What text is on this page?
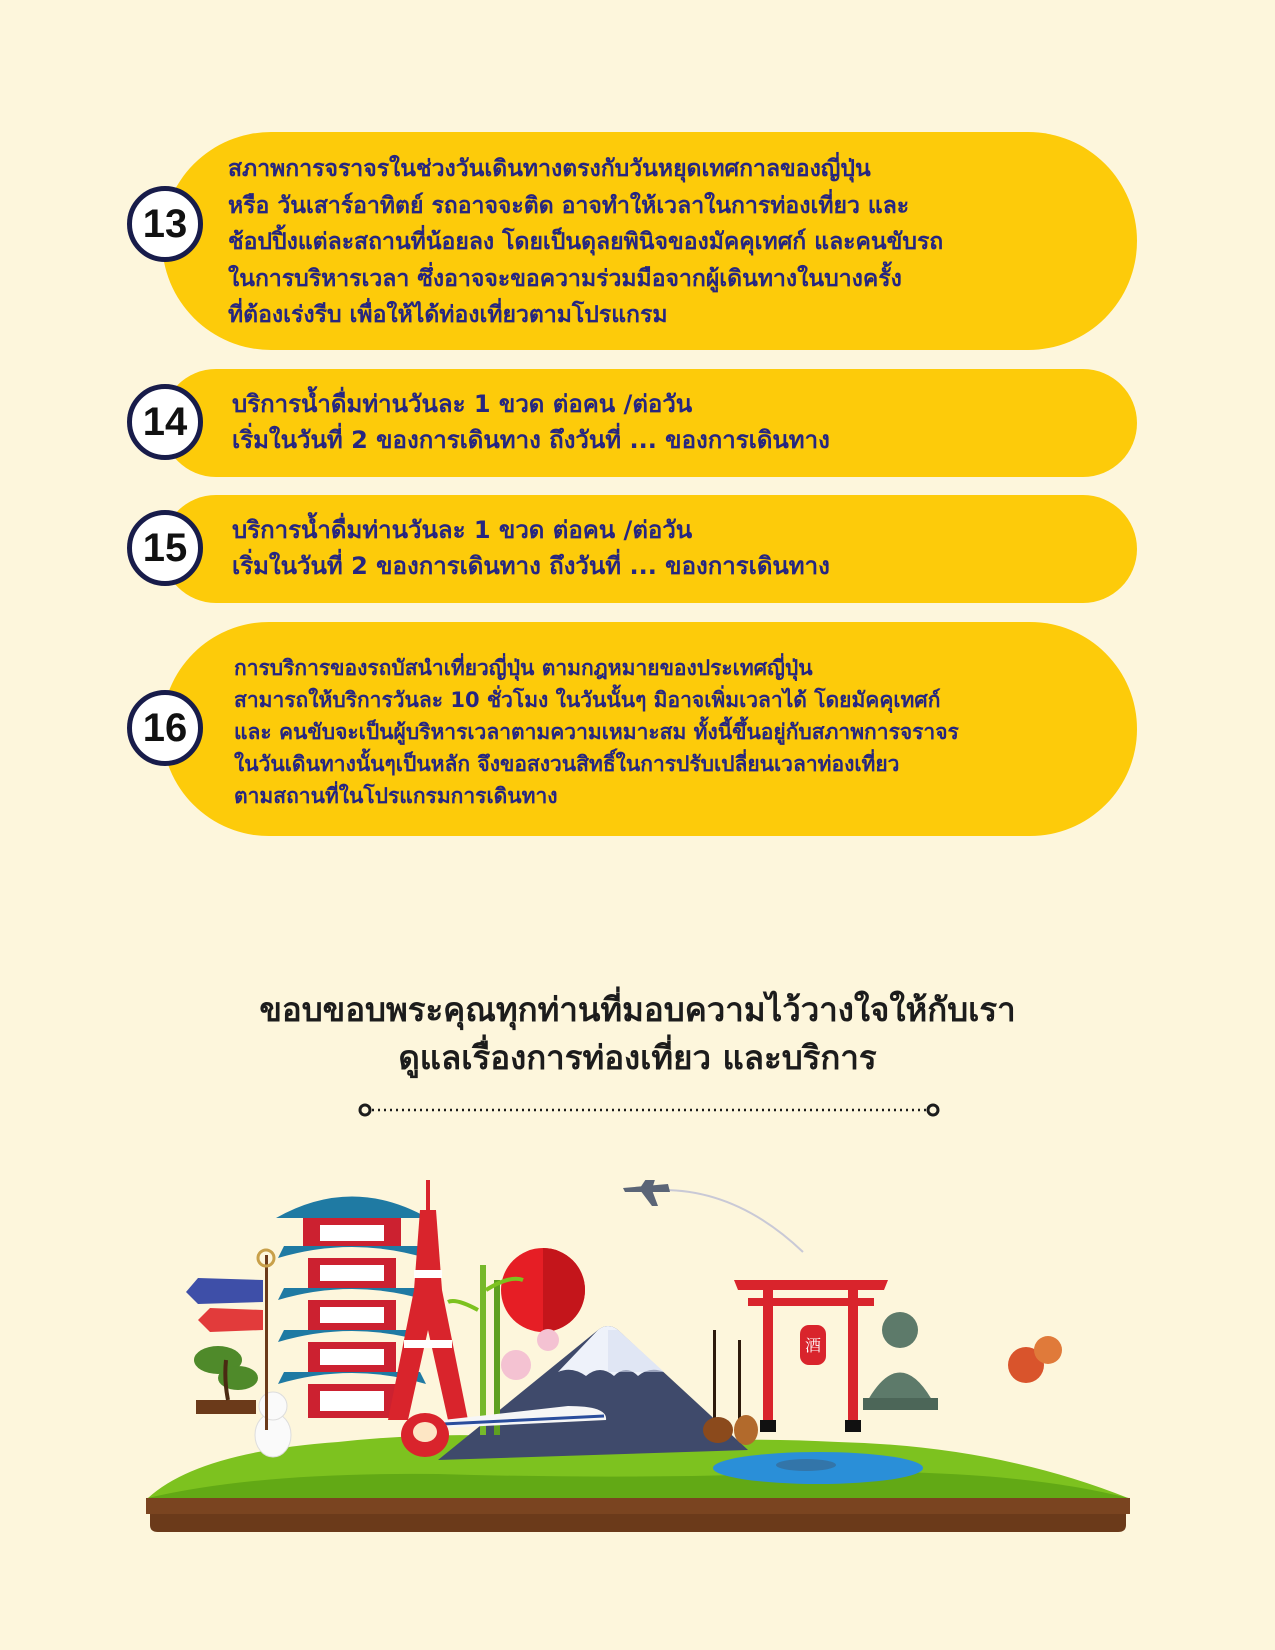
สภาพการจราจรในช่วงวันเดินทางตรงกับวันหยุดเทศกาลของญี่ปุ่น
หรือ วันเสาร์อาทิตย์ รถอาจจะติด อาจทำให้เวลาในการท่องเที่ยว และ
ช้อปปิ้งแต่ละสถานที่น้อยลง โดยเป็นดุลยพินิจของมัคคุเทศก์ และคนขับรถ
ในการบริหารเวลา ซึ่งอาจจะขอความร่วมมือจากผู้เดินทางในบางครั้ง
ที่ต้องเร่งรีบ เพื่อให้ได้ท่องเที่ยวตามโปรแกรม
13
บริการน้ำดื่มท่านวันละ 1 ขวด ต่อคน /ต่อวัน
เริ่มในวันที่ 2 ของการเดินทาง ถึงวันที่ ... ของการเดินทาง
14
บริการน้ำดื่มท่านวันละ 1 ขวด ต่อคน /ต่อวัน
เริ่มในวันที่ 2 ของการเดินทาง ถึงวันที่ ... ของการเดินทาง
15
การบริการของรถบัสนำเที่ยวญี่ปุ่น ตามกฎหมายของประเทศญี่ปุ่น
สามารถให้บริการวันละ 10 ชั่วโมง ในวันนั้นๆ มิอาจเพิ่มเวลาได้ โดยมัคคุเทศก์
และ คนขับจะเป็นผู้บริหารเวลาตามความเหมาะสม ทั้งนี้ขึ้นอยู่กับสภาพการจราจร
ในวันเดินทางนั้นๆเป็นหลัก จึงขอสงวนสิทธิ์ในการปรับเปลี่ยนเวลาท่องเที่ยว
ตามสถานที่ในโปรแกรมการเดินทาง
16
ขอบขอบพระคุณทุกท่านที่มอบความไว้วางใจให้กับเรา
ดูแลเรื่องการท่องเที่ยว และบริการ
酒
